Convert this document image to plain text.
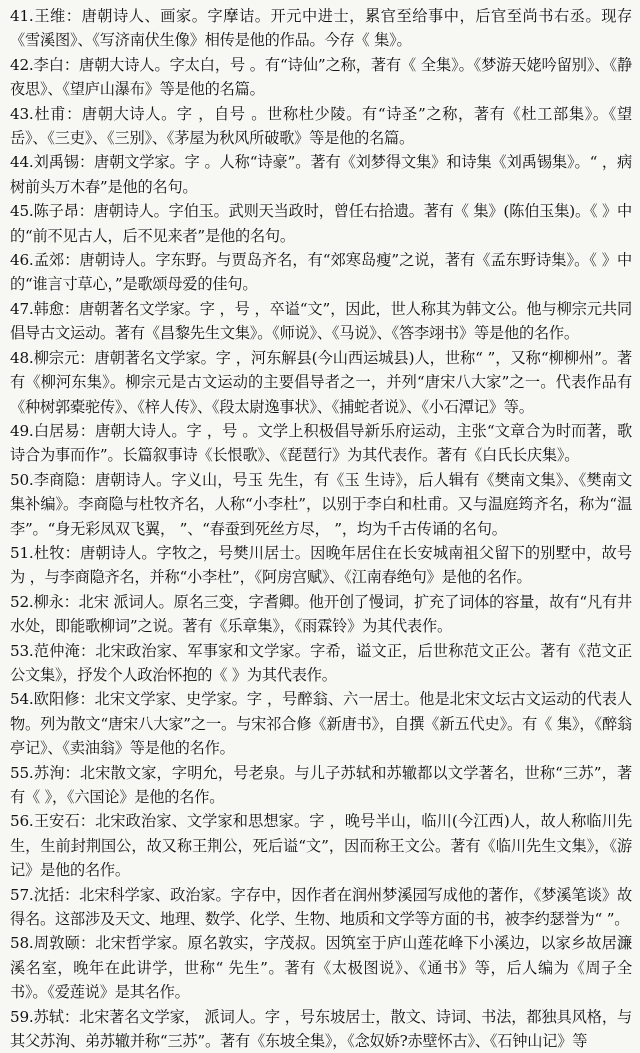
41.王维：唐朝诗人、画家。字摩诘。开元中进士，累官至给事中，后官至尚书右丞。现存《雪溪图》、《写济南伏生像》相传是他的作品。今存《 集》。

42.李白：唐朝大诗人。字太白，号 。有“诗仙”之称，著有《 全集》。《梦游天姥吟留别》、《静夜思》、《望庐山瀑布》等是他的名篇。

43.杜甫：唐朝大诗人。字 ，自号 。世称杜少陵。有“诗圣”之称，著有《杜工部集》。《望岳》、《三吏》、《三别》、《茅屋为秋风所破歌》等是他的名篇。

44.刘禹锡：唐朝文学家。字 。人称“诗豪”。著有《刘梦得文集》和诗集《刘禹锡集》。“ ，病树前头万木春”是他的名句。

45.陈子昂：唐朝诗人。字伯玉。武则天当政时，曾任右拾遗。著有《 集》(陈伯玉集)。《 》中的“前不见古人，后不见来者”是他的名句。

46.孟郊：唐朝诗人。字东野。与贾岛齐名，有“郊寒岛瘦”之说，著有《孟东野诗集》。《 》中的“谁言寸草心，”是歌颂母爱的佳句。

47.韩愈：唐朝著名文学家。字 ，号 ，卒谥“文”，因此，世人称其为韩文公。他与柳宗元共同倡导古文运动。著有《昌黎先生文集》。《师说》、《马说》、《答李翊书》等是他的名作。

48.柳宗元：唐朝著名文学家。字 ，河东解县(今山西运城县)人，世称“ ”，又称“柳柳州”。著有《柳河东集》。柳宗元是古文运动的主要倡导者之一，并列“唐宋八大家”之一。代表作品有《种树郭橐驼传》、《梓人传》、《段太尉逸事状》、《捕蛇者说》、《小石潭记》等。

49.白居易：唐朝大诗人。字 ，号 。文学上积极倡导新乐府运动，主张“文章合为时而著，歌诗合为事而作”。长篇叙事诗《长恨歌》、《琵琶行》为其代表作。著有《白氏长庆集》。

50.李商隐：唐朝诗人。字义山，号玉 先生，有《玉 生诗》，后人辑有《樊南文集》、《樊南文集补编》。李商隐与杜牧齐名，人称“小李杜”，以别于李白和杜甫。又与温庭筠齐名，称为“温李”。“身无彩凤双飞翼， ”、“春蚕到死丝方尽， ”，均为千古传诵的名句。

51.杜牧：唐朝诗人。字牧之，号樊川居士。因晚年居住在长安城南祖父留下的别墅中，故号为 ，与李商隐齐名，并称“小李杜”，《阿房宫赋》、《江南春绝句》是他的名作。

52.柳永：北宋 派词人。原名三变，字耆卿。他开创了慢词，扩充了词体的容量，故有“凡有井水处，即能歌柳词”之说。著有《乐章集》，《雨霖铃》为其代表作。

53.范仲淹：北宋政治家、军事家和文学家。字希，谥文正，后世称范文正公。著有《范文正公文集》，抒发个人政治怀抱的《 》为其代表作。

54.欧阳修：北宋文学家、史学家。字 ，号醉翁、六一居士。他是北宋文坛古文运动的代表人物。列为散文“唐宋八大家”之一。与宋祁合修《新唐书》，自撰《新五代史》。有《 集》，《醉翁亭记》、《卖油翁》等是他的名作。

55.苏洵：北宋散文家，字明允，号老泉。与儿子苏轼和苏辙都以文学著名，世称“三苏”，著有《 》，《六国论》是他的名作。

56.王安石：北宋政治家、文学家和思想家。字 ，晚号半山，临川(今江西)人，故人称临川先生，生前封荆国公，故又称王荆公，死后谥“文”，因而称王文公。著有《临川先生文集》，《游 记》是他的名作。

57.沈括：北宋科学家、政治家。字存中，因作者在润州梦溪园写成他的著作，《梦溪笔谈》故得名。这部涉及天文、地理、数学、化学、生物、地质和文学等方面的书，被李约瑟誉为“ ”。

58.周敦颐：北宋哲学家。原名敦实，字茂叔。因筑室于庐山莲花峰下小溪边，以家乡故居濂溪名室，晚年在此讲学，世称“ 先生”。著有《太极图说》、《通书》等，后人编为《周子全书》。《爱莲说》是其名作。

59.苏轼：北宋著名文学家， 派词人。字 ，号东坡居士，散文、诗词、书法，都独具风格，与其父苏洵、弟苏辙并称“三苏”。著有《东坡全集》，《念奴娇?赤壁怀古》、《石钟山记》等
